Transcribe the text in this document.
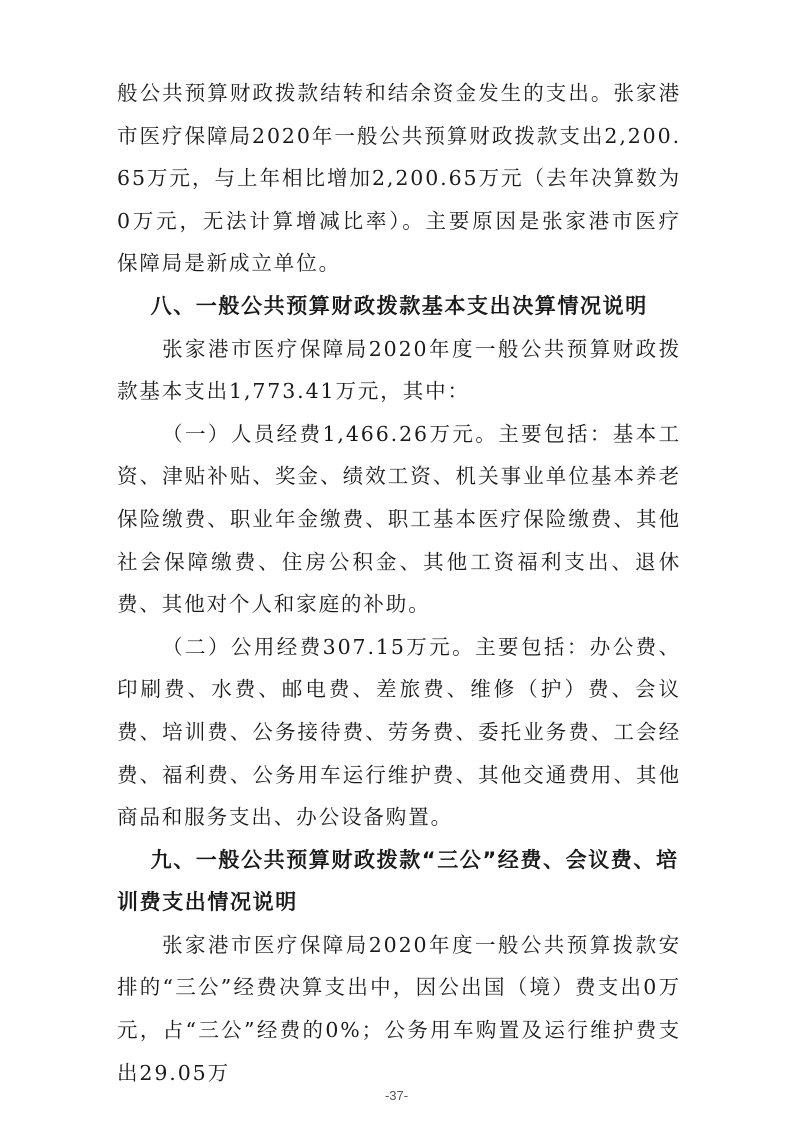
般公共预算财政拨款结转和结余资金发生的支出。张家港市医疗保障局2020年一般公共预算财政拨款支出2,200.65万元，与上年相比增加2,200.65万元（去年决算数为0万元，无法计算增减比率）。主要原因是张家港市医疗保障局是新成立单位。

八、一般公共预算财政拨款基本支出决算情况说明

张家港市医疗保障局2020年度一般公共预算财政拨款基本支出1,773.41万元，其中：

（一）人员经费1,466.26万元。主要包括：基本工资、津贴补贴、奖金、绩效工资、机关事业单位基本养老保险缴费、职业年金缴费、职工基本医疗保险缴费、其他社会保障缴费、住房公积金、其他工资福利支出、退休费、其他对个人和家庭的补助。

（二）公用经费307.15万元。主要包括：办公费、印刷费、水费、邮电费、差旅费、维修（护）费、会议费、培训费、公务接待费、劳务费、委托业务费、工会经费、福利费、公务用车运行维护费、其他交通费用、其他商品和服务支出、办公设备购置。

九、一般公共预算财政拨款“三公”经费、会议费、培训费支出情况说明

张家港市医疗保障局2020年度一般公共预算拨款安排的“三公”经费决算支出中，因公出国（境）费支出0万元，占“三公”经费的0%；公务用车购置及运行维护费支出29.05万

-37-
